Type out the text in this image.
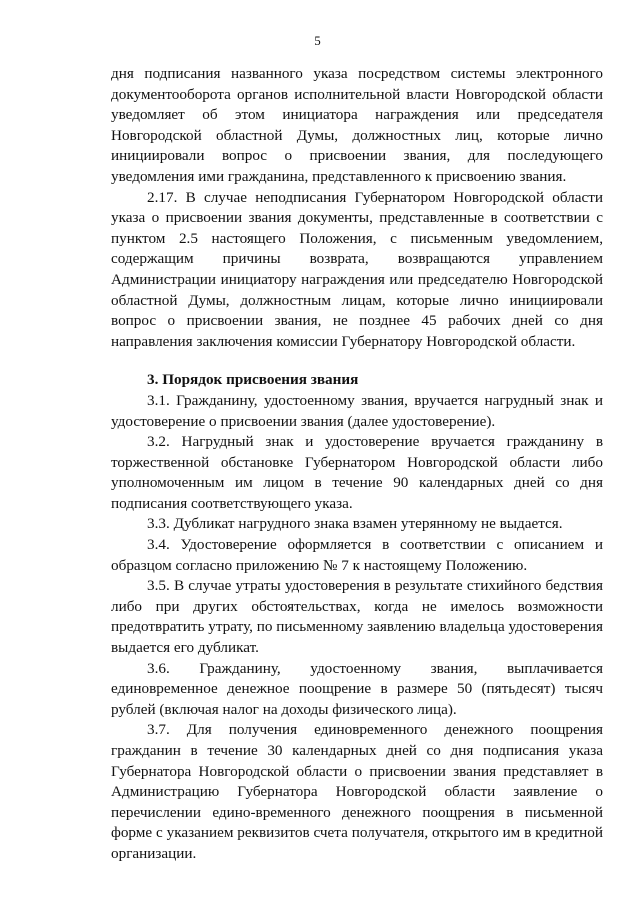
5

дня подписания названного указа посредством системы электронного документооборота органов исполнительной власти Новгородской области уведомляет об этом инициатора награждения или председателя Новгородской областной Думы, должностных лиц, которые лично инициировали вопрос о присвоении звания, для последующего уведомления ими гражданина, представленного к присвоению звания.

2.17. В случае неподписания Губернатором Новгородской области указа о присвоении звания документы, представленные в соответствии с пунктом 2.5 настоящего Положения, с письменным уведомлением, содержащим причины возврата, возвращаются управлением Администрации инициатору награждения или председателю Новгородской областной Думы, должностным лицам, которые лично инициировали вопрос о присвоении звания, не позднее 45 рабочих дней со дня направления заключения комиссии Губернатору Новгородской области.

3. Порядок присвоения звания

3.1. Гражданину, удостоенному звания, вручается нагрудный знак и удостоверение о присвоении звания (далее удостоверение).

3.2. Нагрудный знак и удостоверение вручается гражданину в торжественной обстановке Губернатором Новгородской области либо уполномоченным им лицом в течение 90 календарных дней со дня подписания соответствующего указа.

3.3. Дубликат нагрудного знака взамен утерянному не выдается.

3.4. Удостоверение оформляется в соответствии с описанием и образцом согласно приложению № 7 к настоящему Положению.

3.5. В случае утраты удостоверения в результате стихийного бедствия либо при других обстоятельствах, когда не имелось возможности предотвратить утрату, по письменному заявлению владельца удостоверения выдается его дубликат.

3.6. Гражданину, удостоенному звания, выплачивается единовременное денежное поощрение в размере 50 (пятьдесят) тысяч рублей (включая налог на доходы физического лица).

3.7. Для получения единовременного денежного поощрения гражданин в течение 30 календарных дней со дня подписания указа Губернатора Новгородской области о присвоении звания представляет в Администрацию Губернатора Новгородской области заявление о перечислении едино-временного денежного поощрения в письменной форме с указанием реквизитов счета получателя, открытого им в кредитной организации.
